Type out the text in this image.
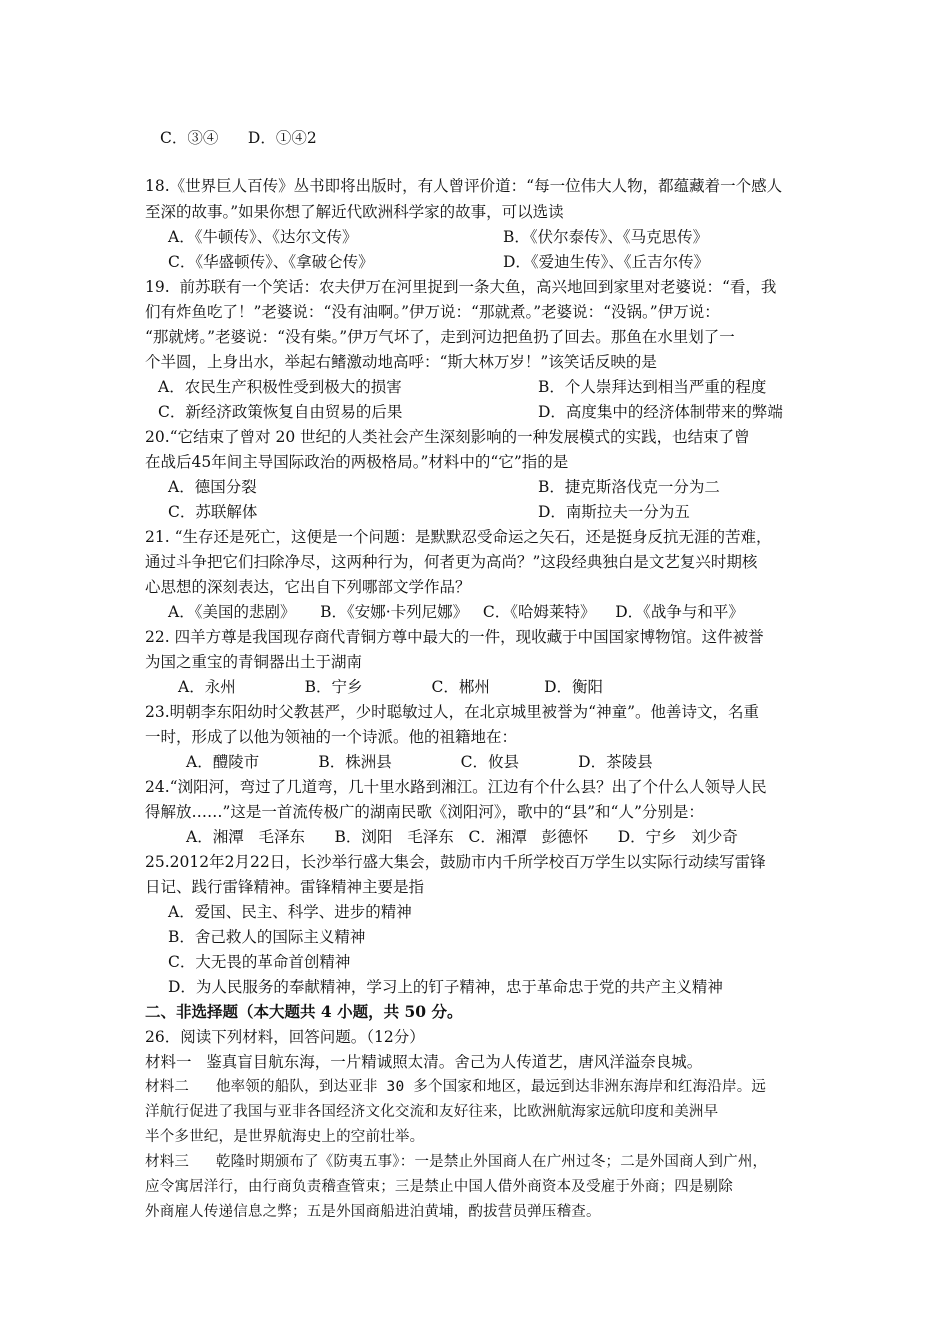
C．③④      D．①④2
18.《世界巨人百传》丛书即将出版时，有人曾评价道：“每一位伟大人物，都蕴藏着一个感人
至深的故事。”如果你想了解近代欧洲科学家的故事，可以选读
A．《牛顿传》、《达尔文传》	B．《伏尔泰传》、《马克思传》
C．《华盛顿传》、《拿破仑传》	D．《爱迪生传》、《丘吉尔传》
19.  前苏联有一个笑话：农夫伊万在河里捉到一条大鱼，高兴地回到家里对老婆说：“看，我
们有炸鱼吃了！”老婆说：“没有油啊。”伊万说：“那就煮。”老婆说：“没锅。”伊万说：
“那就烤。”老婆说：“没有柴。”伊万气坏了，走到河边把鱼扔了回去。那鱼在水里划了一
个半圆，上身出水，举起右鳍激动地高呼：“斯大林万岁！”该笑话反映的是
A．农民生产积极性受到极大的损害	B．个人崇拜达到相当严重的程度
C．新经济政策恢复自由贸易的后果	D．高度集中的经济体制带来的弊端
20.“它结束了曾对 20 世纪的人类社会产生深刻影响的一种发展模式的实践，也结束了曾
在战后45年间主导国际政治的两极格局。”材料中的“它”指的是
A．德国分裂	B．捷克斯洛伐克一分为二
C．苏联解体	D．南斯拉夫一分为五
21. “生存还是死亡，这便是一个问题：是默默忍受命运之矢石，还是挺身反抗无涯的苦难，
通过斗争把它们扫除净尽，这两种行为，何者更为高尚？”这段经典独白是文艺复兴时期核
心思想的深刻表达，它出自下列哪部文学作品？
A．《美国的悲剧》     B．《安娜·卡列尼娜》   C．《哈姆莱特》    D．《战争与和平》
22. 四羊方尊是我国现存商代青铜方尊中最大的一件，现收藏于中国国家博物馆。这件被誉
为国之重宝的青铜器出土于湖南
A．永州              B．宁乡              C．郴州           D．衡阳
23.明朝李东阳幼时父教甚严，少时聪敏过人，在北京城里被誉为“神童”。他善诗文，名重
一时，形成了以他为领袖的一个诗派。他的祖籍地在：
A．醴陵市            B．株洲县              C．攸县            D．茶陵县
24.“浏阳河，弯过了几道弯，几十里水路到湘江。江边有个什么县？出了个什么人领导人民
得解放……”这是一首流传极广的湖南民歌《浏阳河》，歌中的“县”和“人”分别是：
A．湘潭   毛泽东      B．浏阳   毛泽东   C．湘潭   彭德怀      D．宁乡   刘少奇
25.2012年2月22日，长沙举行盛大集会，鼓励市内千所学校百万学生以实际行动续写雷锋
日记、践行雷锋精神。雷锋精神主要是指
A．爱国、民主、科学、进步的精神
B．舍己救人的国际主义精神
C．大无畏的革命首创精神
D．为人民服务的奉献精神，学习上的钉子精神，忠于革命忠于党的共产主义精神
二、非选择题（本大题共 4 小题，共 50 分。
26．阅读下列材料，回答问题。（12分）
材料一   鉴真盲目航东海，一片精诚照太清。舍己为人传道艺，唐风洋溢奈良城。
材料二   他率领的船队，到达亚非 30 多个国家和地区，最远到达非洲东海岸和红海沿岸。远
洋航行促进了我国与亚非各国经济文化交流和友好往来，比欧洲航海家远航印度和美洲早
半个多世纪，是世界航海史上的空前壮举。
材料三   乾隆时期颁布了《防夷五事》：一是禁止外国商人在广州过冬；二是外国商人到广州，
应令寓居洋行，由行商负责稽查管束；三是禁止中国人借外商资本及受雇于外商；四是剔除
外商雇人传递信息之弊；五是外国商船进泊黄埔，酌拔营员弹压稽查。
